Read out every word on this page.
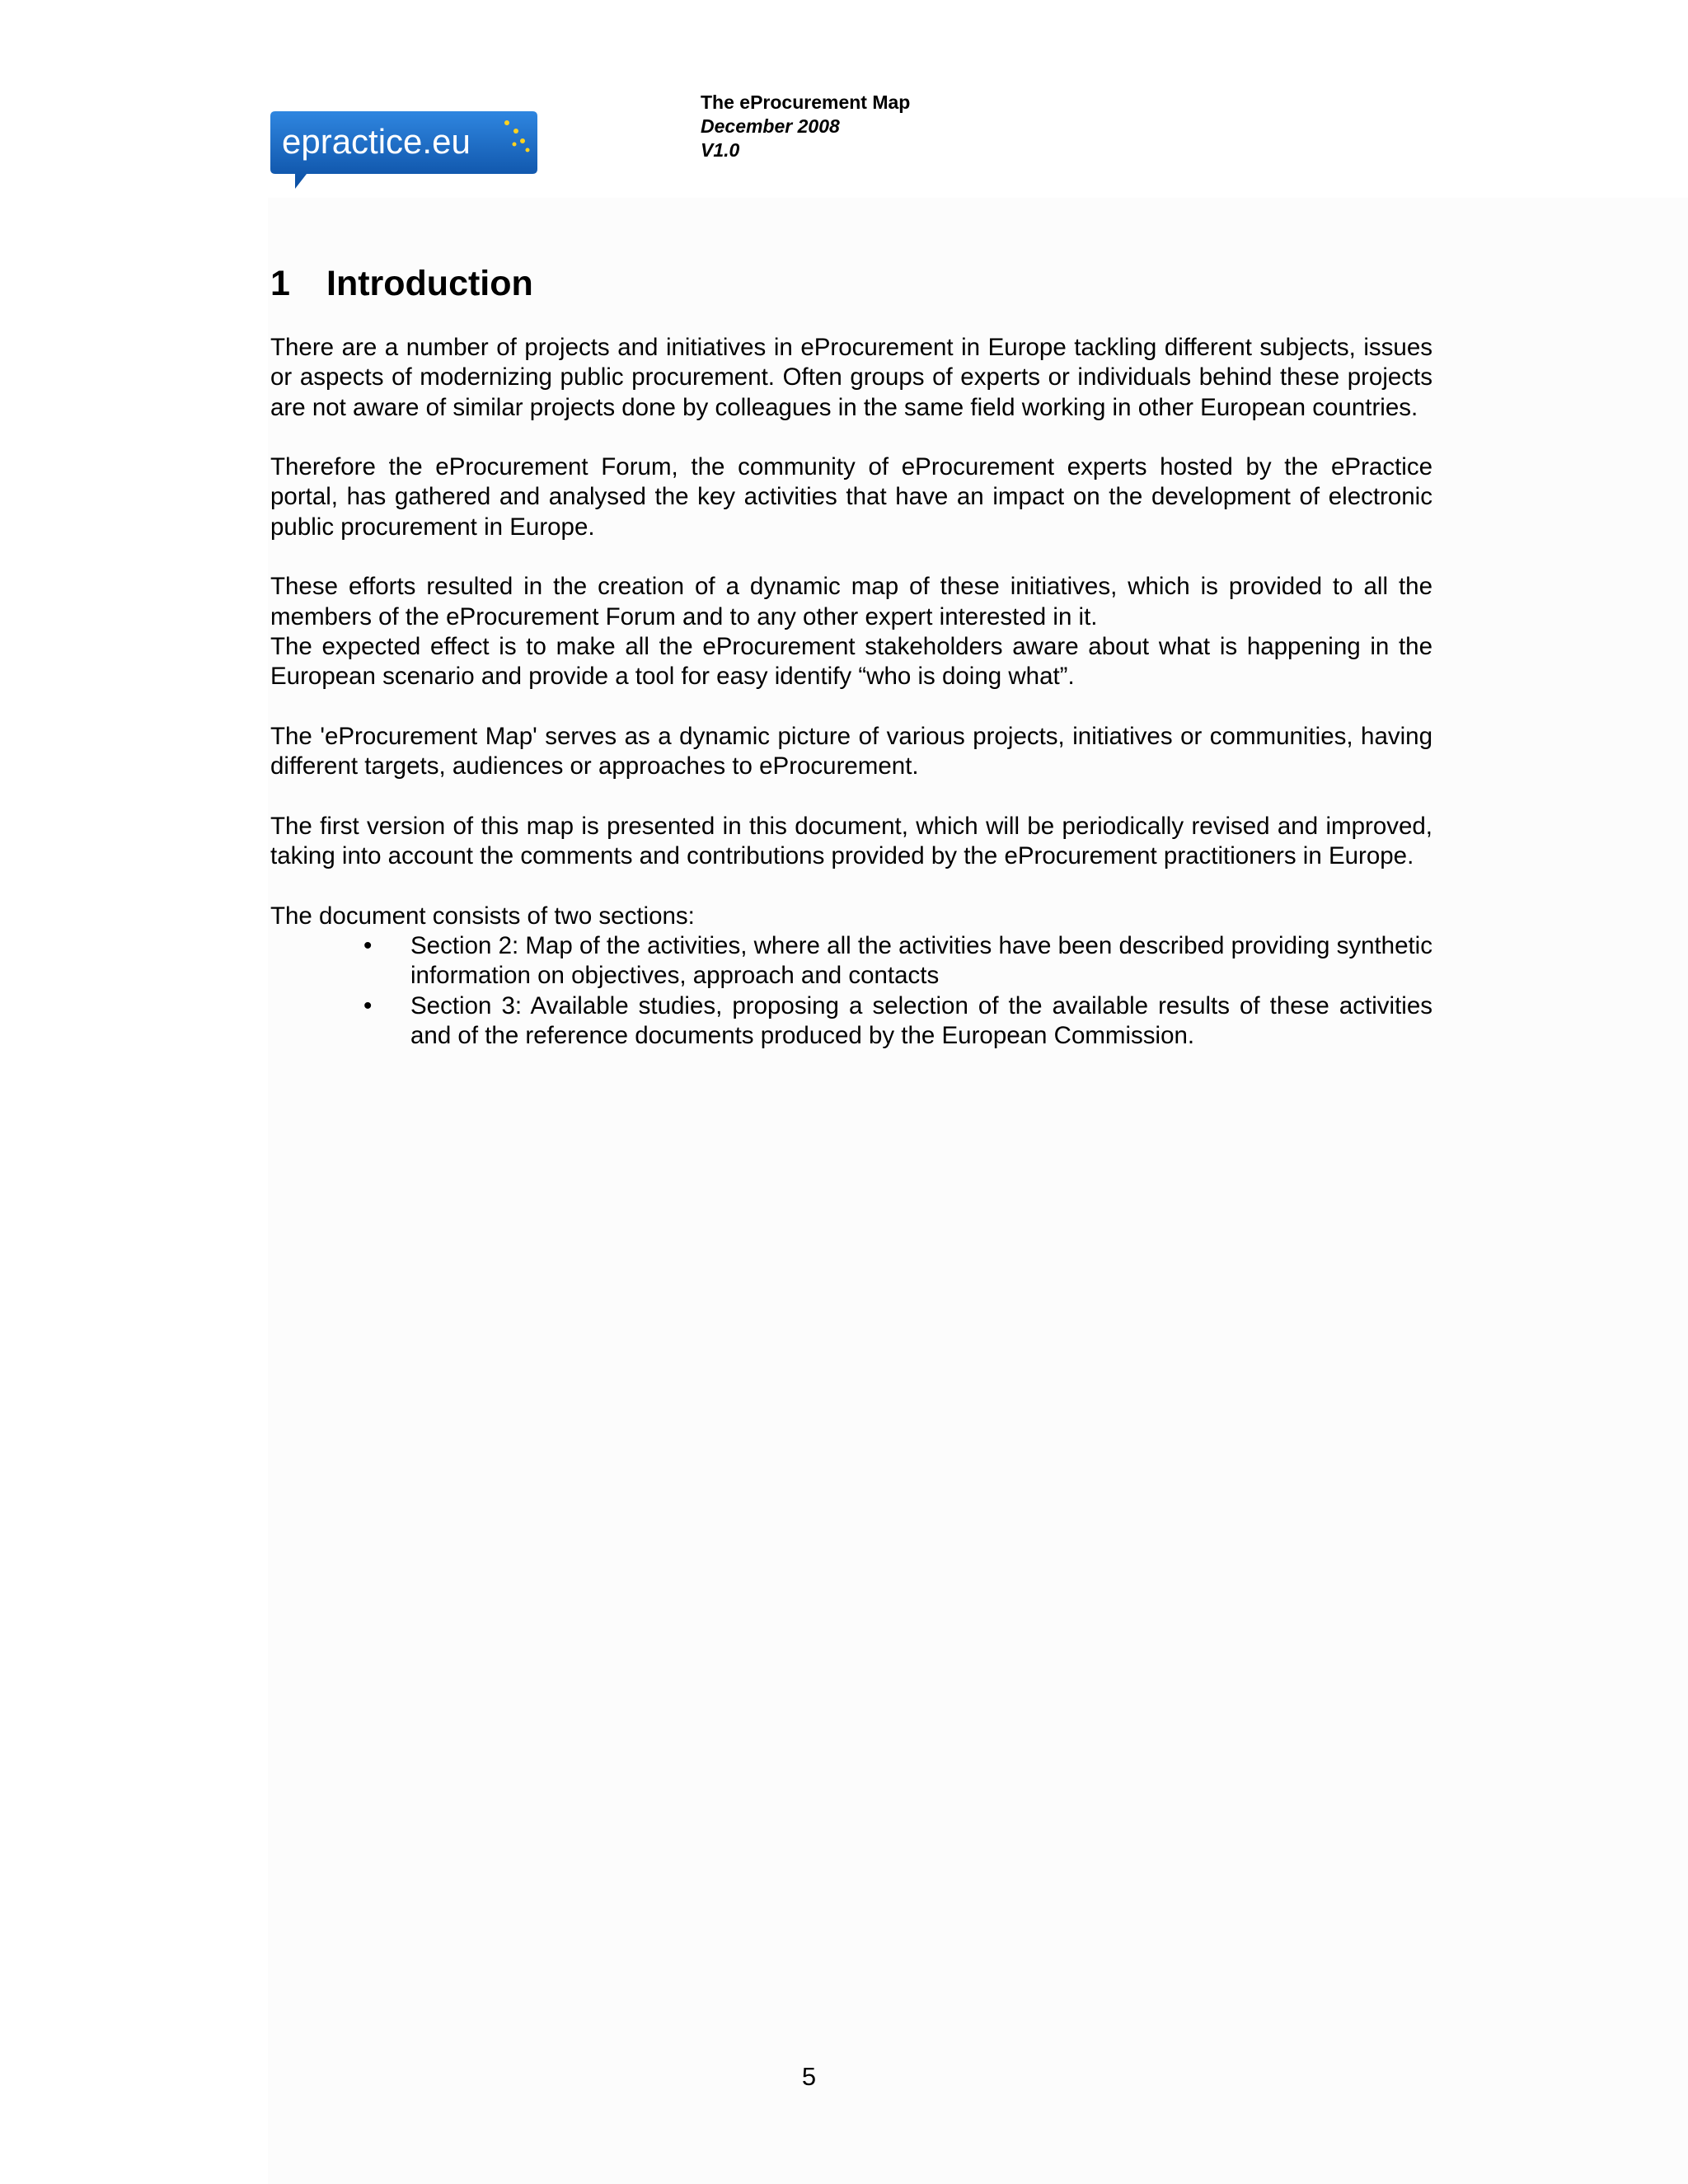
epractice.eu
The eProcurement Map
December 2008
V1.0
1 Introduction

There are a number of projects and initiatives in eProcurement in Europe tackling different subjects, issues or aspects of modernizing public procurement. Often groups of experts or individuals behind these projects are not aware of similar projects done by colleagues in the same field working in other European countries.

Therefore the eProcurement Forum, the community of eProcurement experts hosted by the ePractice portal, has gathered and analysed the key activities that have an impact on the development of electronic public procurement in Europe.

These efforts resulted in the creation of a dynamic map of these initiatives, which is provided to all the members of the eProcurement Forum and to any other expert interested in it.

The expected effect is to make all the eProcurement stakeholders aware about what is happening in the European scenario and provide a tool for easy identify “who is doing what”.

The 'eProcurement Map' serves as a dynamic picture of various projects, initiatives or communities, having different targets, audiences or approaches to eProcurement.

The first version of this map is presented in this document, which will be periodically revised and improved, taking into account the comments and contributions provided by the eProcurement practitioners in Europe.

The document consists of two sections:

• Section 2: Map of the activities, where all the activities have been described providing synthetic information on objectives, approach and contacts
• Section 3: Available studies, proposing a selection of the available results of these activities and of the reference documents produced by the European Commission.
5
